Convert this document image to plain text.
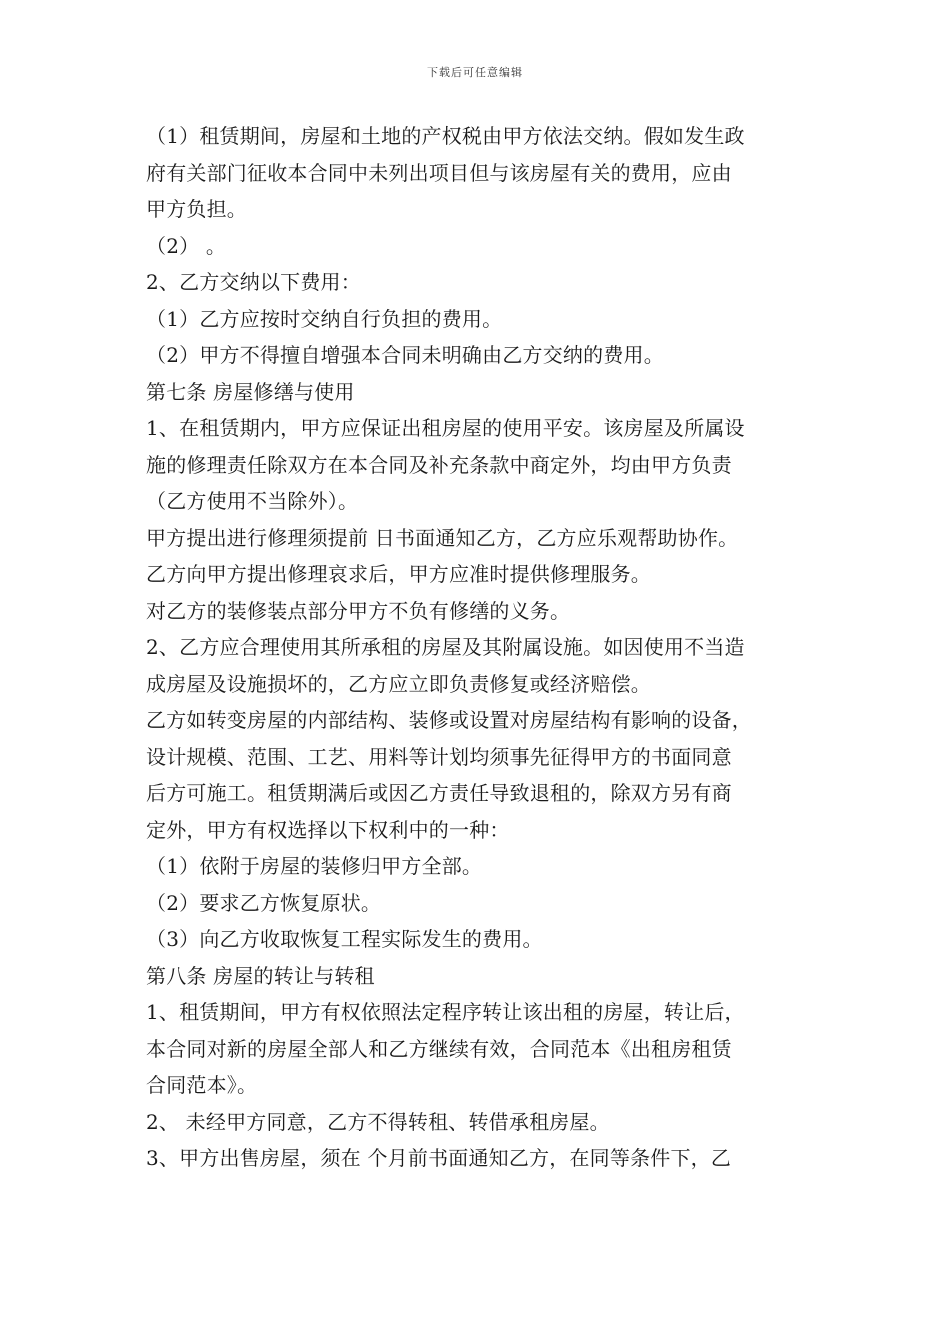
下载后可任意编辑
（1）租赁期间，房屋和土地的产权税由甲方依法交纳。假如发生政
府有关部门征收本合同中未列出项目但与该房屋有关的费用，应由
甲方负担。
（2） 。
2、乙方交纳以下费用：
（1）乙方应按时交纳自行负担的费用。
（2）甲方不得擅自增强本合同未明确由乙方交纳的费用。
第七条 房屋修缮与使用
1、在租赁期内，甲方应保证出租房屋的使用平安。该房屋及所属设
施的修理责任除双方在本合同及补充条款中商定外，均由甲方负责
（乙方使用不当除外）。
甲方提出进行修理须提前 日书面通知乙方，乙方应乐观帮助协作。
乙方向甲方提出修理哀求后，甲方应准时提供修理服务。
对乙方的装修装点部分甲方不负有修缮的义务。
2、乙方应合理使用其所承租的房屋及其附属设施。如因使用不当造
成房屋及设施损坏的，乙方应立即负责修复或经济赔偿。
乙方如转变房屋的内部结构、装修或设置对房屋结构有影响的设备，
设计规模、范围、工艺、用料等计划均须事先征得甲方的书面同意
后方可施工。租赁期满后或因乙方责任导致退租的，除双方另有商
定外，甲方有权选择以下权利中的一种：
（1）依附于房屋的装修归甲方全部。
（2）要求乙方恢复原状。
（3）向乙方收取恢复工程实际发生的费用。
第八条 房屋的转让与转租
1、租赁期间，甲方有权依照法定程序转让该出租的房屋，转让后，
本合同对新的房屋全部人和乙方继续有效，合同范本《出租房租赁
合同范本》。
2、 未经甲方同意，乙方不得转租、转借承租房屋。
3、甲方出售房屋，须在 个月前书面通知乙方，在同等条件下，乙
